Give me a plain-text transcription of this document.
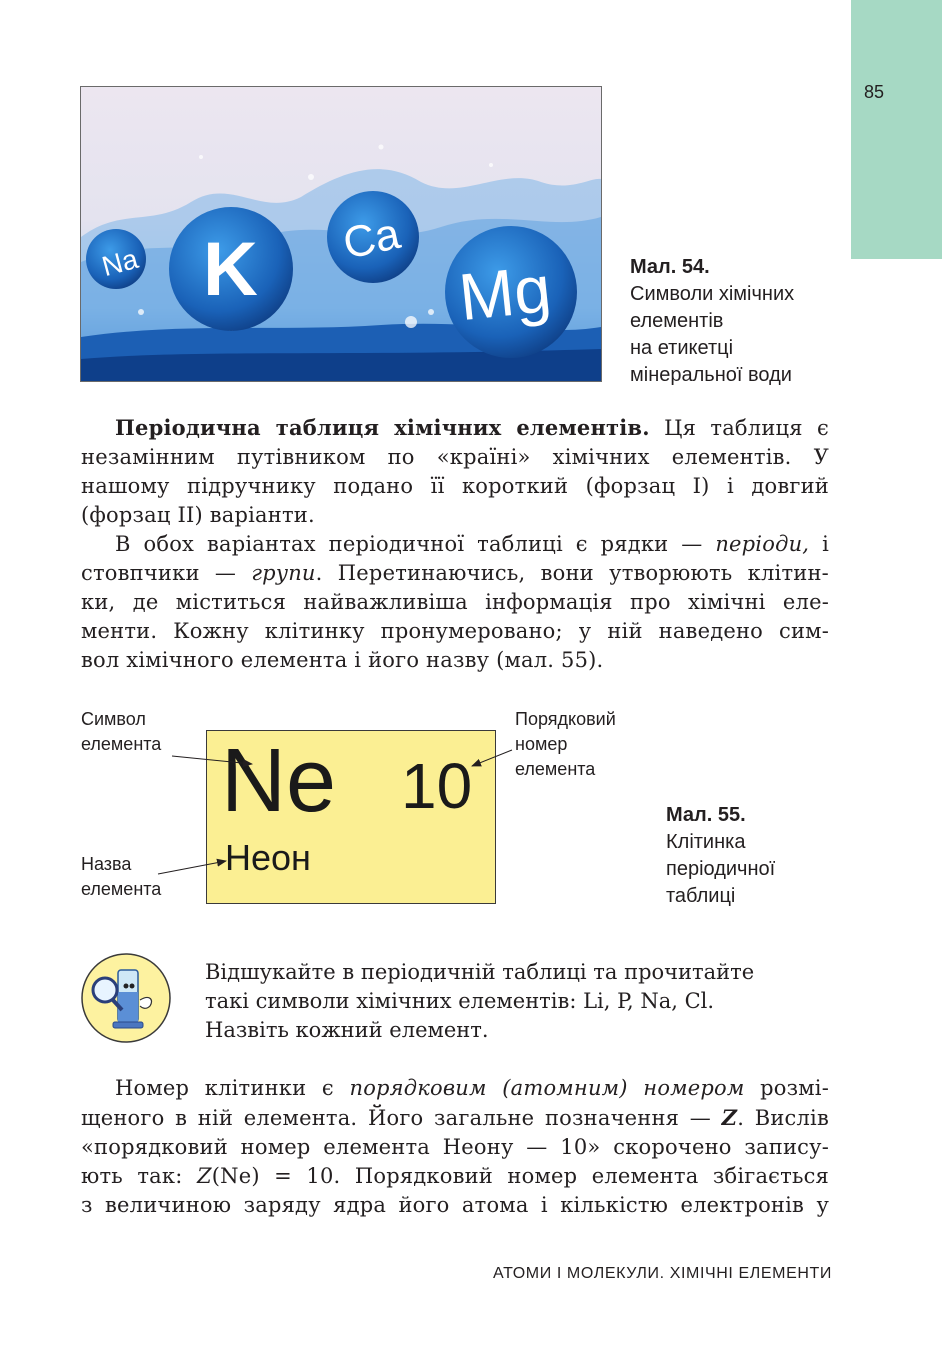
85
Na K Ca
Mg	Мал. 54.
Символи хімічних
елементів
на етикетці
мінеральної води
Періодична таблиця хімічних елементів. Ця таблиця є
незамінним путівником по «країні» хімічних елементів. У
нашому підручнику подано її короткий (форзац I) і довгий
(форзац II) варіанти.
В обох варіантах періодичної таблиці є рядки — періоди, і
стовпчики — групи. Перетинаючись, вони утворюють клітин-
ки, де міститься найважливіша інформація про хімічні еле-
менти. Кожну клітинку пронумеровано; у ній наведено сим-
вол хімічного елемента і його назву (мал. 55).
Символ
елемента
Назва
елемента
Порядковий
номер
елемента
Ne 10
Неон
Мал. 55.
Клітинка
періодичної
таблиці
Відшукайте в періодичній таблиці та прочитайте
такі символи хімічних елементів: Li, P, Na, Cl.
Назвіть кожний елемент.
Номер клітинки є порядковим (атомним) номером розмі-
щеного в ній елемента. Його загальне позначення — Z. Вислів
«порядковий номер елемента Неону — 10» скорочено запису-
ють так: Z(Ne) = 10. Порядковий номер елемента збігається
з величиною заряду ядра його атома і кількістю електронів у
АТОМИ І МОЛЕКУЛИ. ХІМІЧНІ ЕЛЕМЕНТИ
